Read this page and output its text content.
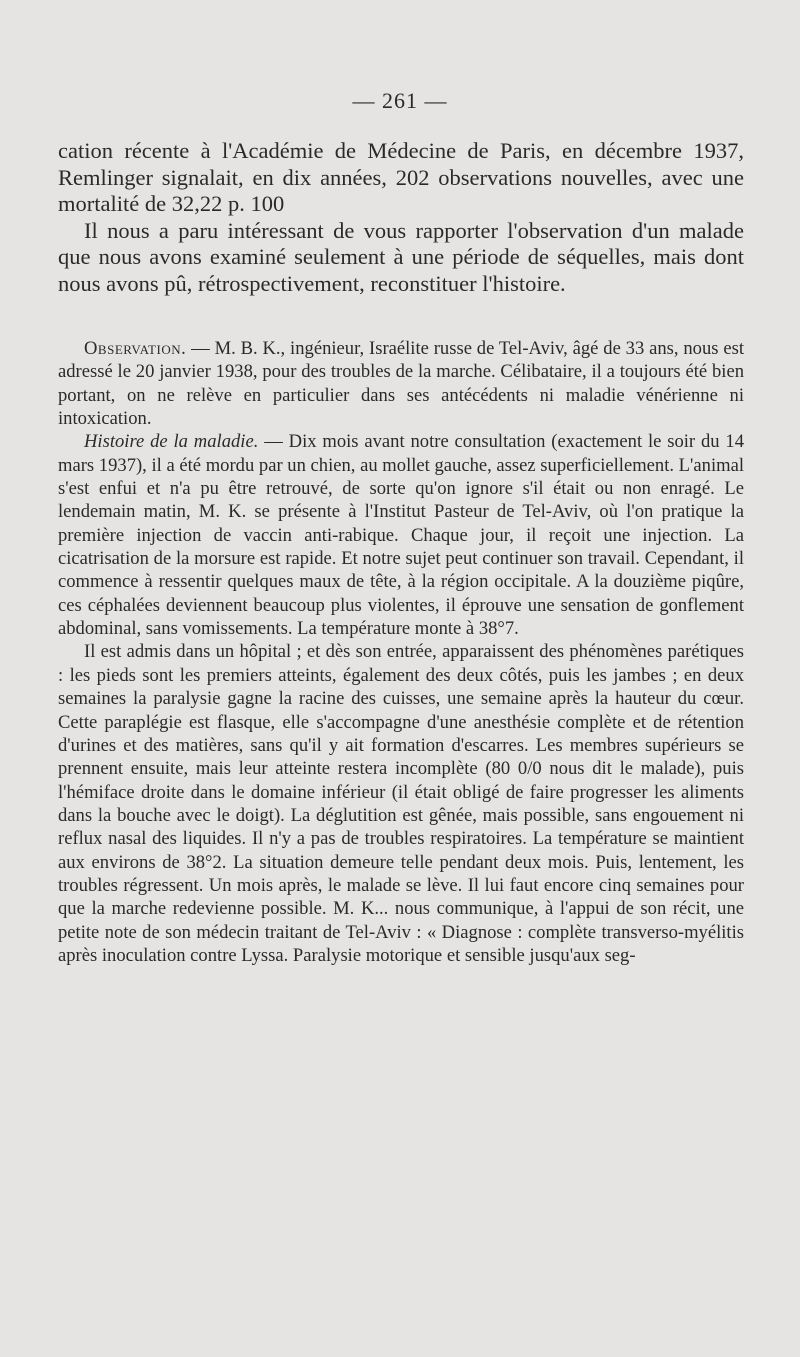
— 261 —

cation récente à l'Académie de Médecine de Paris, en décembre 1937, Remlinger signalait, en dix années, 202 observations nouvelles, avec une mortalité de 32,22 p. 100

Il nous a paru intéressant de vous rapporter l'observation d'un malade que nous avons examiné seulement à une période de séquelles, mais dont nous avons pû, rétrospectivement, reconstituer l'histoire.

Observation. — M. B. K., ingénieur, Israélite russe de Tel-Aviv, âgé de 33 ans, nous est adressé le 20 janvier 1938, pour des troubles de la marche. Célibataire, il a toujours été bien portant, on ne relève en particulier dans ses antécédents ni maladie vénérienne ni intoxication.

Histoire de la maladie. — Dix mois avant notre consultation (exactement le soir du 14 mars 1937), il a été mordu par un chien, au mollet gauche, assez superficiellement. L'animal s'est enfui et n'a pu être retrouvé, de sorte qu'on ignore s'il était ou non enragé. Le lendemain matin, M. K. se présente à l'Institut Pasteur de Tel-Aviv, où l'on pratique la première injection de vaccin anti-rabique. Chaque jour, il reçoit une injection. La cicatrisation de la morsure est rapide. Et notre sujet peut continuer son travail. Cependant, il commence à ressentir quelques maux de tête, à la région occipitale. A la douzième piqûre, ces céphalées deviennent beaucoup plus violentes, il éprouve une sensation de gonflement abdominal, sans vomissements. La température monte à 38°7.

Il est admis dans un hôpital ; et dès son entrée, apparaissent des phénomènes parétiques : les pieds sont les premiers atteints, également des deux côtés, puis les jambes ; en deux semaines la paralysie gagne la racine des cuisses, une semaine après la hauteur du cœur. Cette paraplégie est flasque, elle s'accompagne d'une anesthésie complète et de rétention d'urines et des matières, sans qu'il y ait formation d'escarres. Les membres supérieurs se prennent ensuite, mais leur atteinte restera incomplète (80 0/0 nous dit le malade), puis l'hémiface droite dans le domaine inférieur (il était obligé de faire progresser les aliments dans la bouche avec le doigt). La déglutition est gênée, mais possible, sans engouement ni reflux nasal des liquides. Il n'y a pas de troubles respiratoires. La température se maintient aux environs de 38°2. La situation demeure telle pendant deux mois. Puis, lentement, les troubles régressent. Un mois après, le malade se lève. Il lui faut encore cinq semaines pour que la marche redevienne possible. M. K... nous communique, à l'appui de son récit, une petite note de son médecin traitant de Tel-Aviv : « Diagnose : complète transverso-myélitis après inoculation contre Lyssa. Paralysie motorique et sensible jusqu'aux seg-
